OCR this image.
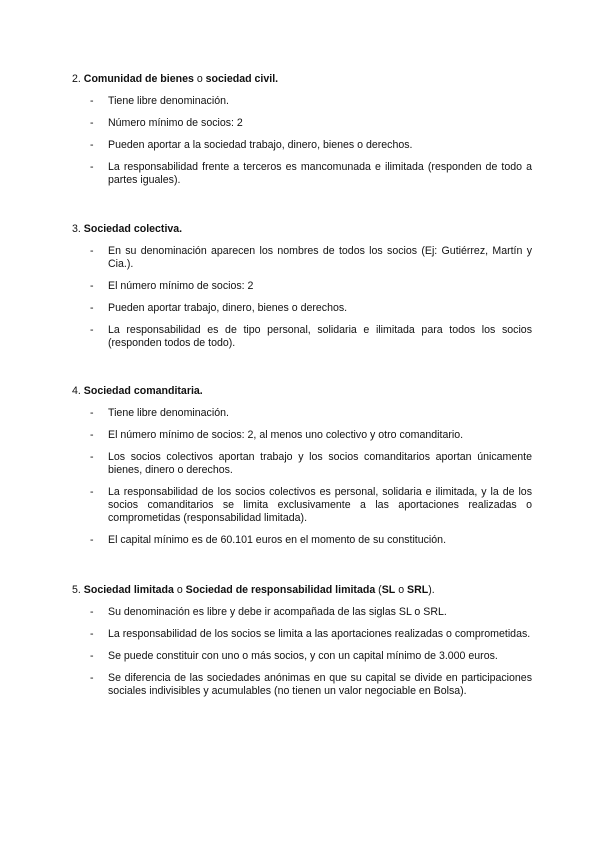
2. Comunidad de bienes o sociedad civil.
- Tiene libre denominación.
- Número mínimo de socios: 2
- Pueden aportar a la sociedad trabajo, dinero, bienes o derechos.
- La responsabilidad frente a terceros es mancomunada e ilimitada (responden de todo a partes iguales).
3. Sociedad colectiva.
- En su denominación aparecen los nombres de todos los socios (Ej: Gutiérrez, Martín y Cia.).
- El número mínimo de socios: 2
- Pueden aportar trabajo, dinero, bienes o derechos.
- La responsabilidad es de tipo personal, solidaria e ilimitada para todos los socios (responden todos de todo).
4. Sociedad comanditaria.
- Tiene libre denominación.
- El número mínimo de socios: 2, al menos uno colectivo y otro comanditario.
- Los socios colectivos aportan trabajo y los socios comanditarios aportan únicamente bienes, dinero o derechos.
- La responsabilidad de los socios colectivos es personal, solidaria e ilimitada, y la de los socios comanditarios se limita exclusivamente a las aportaciones realizadas o comprometidas (responsabilidad limitada).
- El capital mínimo es de 60.101 euros en el momento de su constitución.
5. Sociedad limitada o Sociedad de responsabilidad limitada (SL o SRL).
- Su denominación es libre y debe ir acompañada de las siglas SL o SRL.
- La responsabilidad de los socios se limita a las aportaciones realizadas o comprometidas.
- Se puede constituir con uno o más socios, y con un capital mínimo de 3.000 euros.
- Se diferencia de las sociedades anónimas en que su capital se divide en participaciones sociales indivisibles y acumulables (no tienen un valor negociable en Bolsa).
